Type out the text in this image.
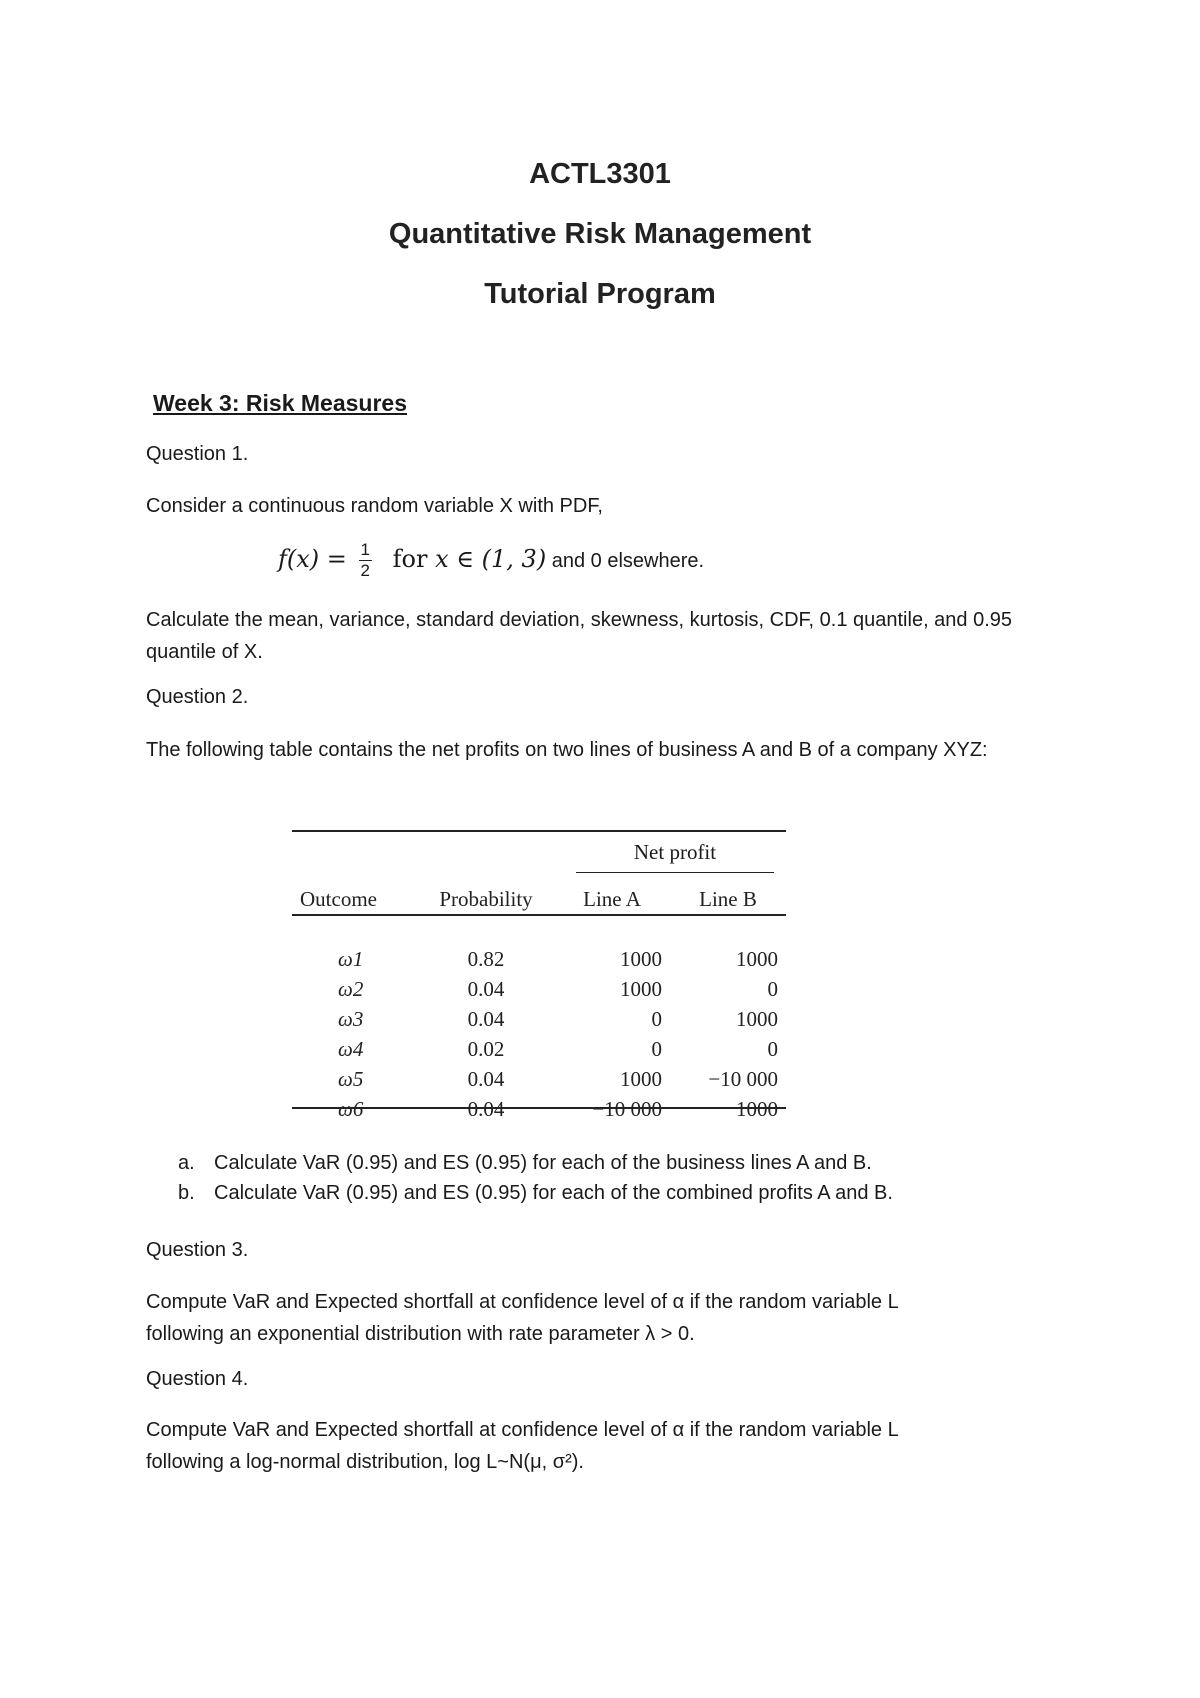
ACTL3301
Quantitative Risk Management
Tutorial Program
Week 3: Risk Measures
Question 1.
Consider a continuous random variable X with PDF,
$f(x) = \frac{1}{2}$ for x ∈ (1, 3) and 0 elsewhere.
Calculate the mean, variance, standard deviation, skewness, kurtosis, CDF, 0.1 quantile, and 0.95 quantile of X.
Question 2.
The following table contains the net profits on two lines of business A and B of a company XYZ:
Net profit

Outcome	Probability	Line A	Line B

ω1	0.82	1000	1000
ω2	0.04	1000	0
ω3	0.04	0	1000
ω4	0.02	0	0
ω5	0.04	1000	−10 000
ω6	0.04	−10 000	1000
a. Calculate VaR (0.95) and ES (0.95) for each of the business lines A and B.
b. Calculate VaR (0.95) and ES (0.95) for each of the combined profits A and B.
Question 3.
Compute VaR and Expected shortfall at confidence level of α if the random variable L
following an exponential distribution with rate parameter λ > 0.
Question 4.
Compute VaR and Expected shortfall at confidence level of α if the random variable L
following a log-normal distribution, log L~N(μ, σ²).
